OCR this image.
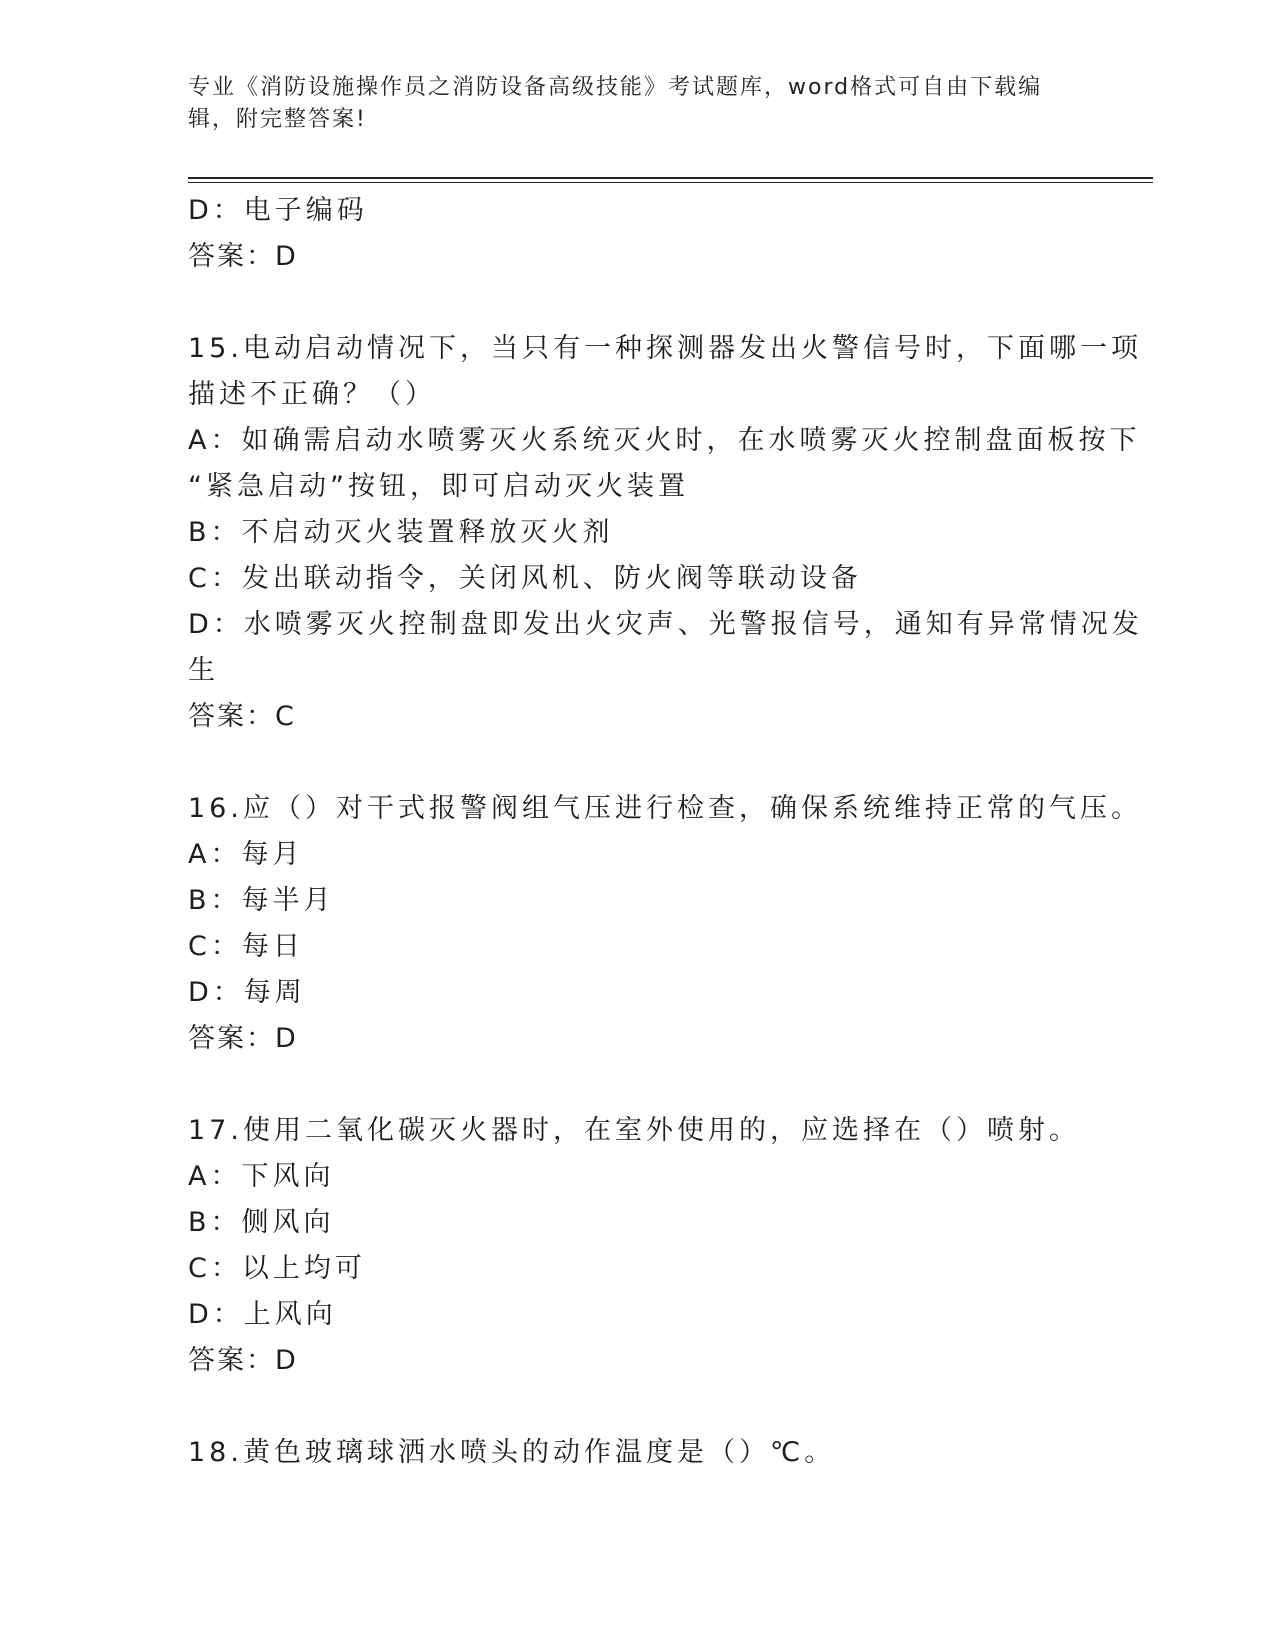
专业《消防设施操作员之消防设备高级技能》考试题库，word格式可自由下载编
辑，附完整答案!
D：电子编码
答案：D
15.电动启动情况下，当只有一种探测器发出火警信号时，下面哪一项
描述不正确？（）
A：如确需启动水喷雾灭火系统灭火时，在水喷雾灭火控制盘面板按下
“紧急启动”按钮，即可启动灭火装置
B：不启动灭火装置释放灭火剂
C：发出联动指令，关闭风机、防火阀等联动设备
D：水喷雾灭火控制盘即发出火灾声、光警报信号，通知有异常情况发
生
答案：C
16.应（）对干式报警阀组气压进行检查，确保系统维持正常的气压。
A：每月
B：每半月
C：每日
D：每周
答案：D
17.使用二氧化碳灭火器时，在室外使用的，应选择在（）喷射。
A：下风向
B：侧风向
C：以上均可
D：上风向
答案：D
18.黄色玻璃球洒水喷头的动作温度是（）℃。
